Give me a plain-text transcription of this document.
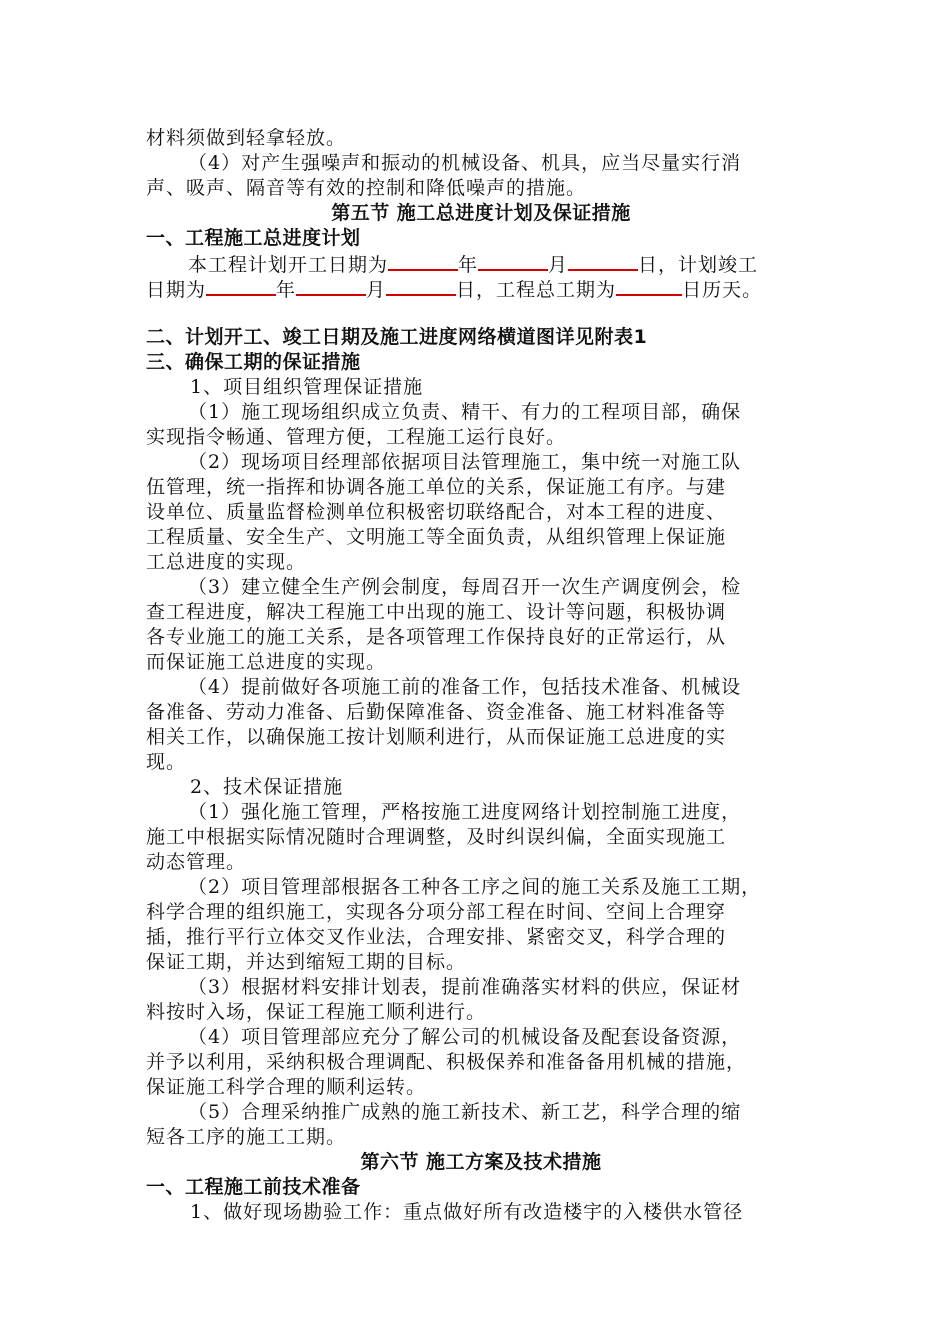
材料须做到轻拿轻放。
（4）对产生强噪声和振动的机械设备、机具，应当尽量实行消
声、吸声、隔音等有效的控制和降低噪声的措施。
第五节 施工总进度计划及保证措施
一、工程施工总进度计划
本工程计划开工日期为	年	月	日，计划竣工
日期为	年	月	日，工程总工期为	日历天。
二、计划开工、竣工日期及施工进度网络横道图详见附表1
三、确保工期的保证措施
1、项目组织管理保证措施
（1）施工现场组织成立负责、精干、有力的工程项目部，确保
实现指令畅通、管理方便，工程施工运行良好。
（2）现场项目经理部依据项目法管理施工，集中统一对施工队
伍管理，统一指挥和协调各施工单位的关系，保证施工有序。与建
设单位、质量监督检测单位积极密切联络配合，对本工程的进度、
工程质量、安全生产、文明施工等全面负责，从组织管理上保证施
工总进度的实现。
（3）建立健全生产例会制度，每周召开一次生产调度例会，检
查工程进度，解决工程施工中出现的施工、设计等问题，积极协调
各专业施工的施工关系，是各项管理工作保持良好的正常运行，从
而保证施工总进度的实现。
（4）提前做好各项施工前的准备工作，包括技术准备、机械设
备准备、劳动力准备、后勤保障准备、资金准备、施工材料准备等
相关工作，以确保施工按计划顺利进行，从而保证施工总进度的实
现。
2、技术保证措施
（1）强化施工管理，严格按施工进度网络计划控制施工进度，
施工中根据实际情况随时合理调整，及时纠误纠偏，全面实现施工
动态管理。
（2）项目管理部根据各工种各工序之间的施工关系及施工工期，
科学合理的组织施工，实现各分项分部工程在时间、空间上合理穿
插，推行平行立体交叉作业法，合理安排、紧密交叉，科学合理的
保证工期，并达到缩短工期的目标。
（3）根据材料安排计划表，提前准确落实材料的供应，保证材
料按时入场，保证工程施工顺利进行。
（4）项目管理部应充分了解公司的机械设备及配套设备资源，
并予以利用，采纳积极合理调配、积极保养和准备备用机械的措施，
保证施工科学合理的顺利运转。
（5）合理采纳推广成熟的施工新技术、新工艺，科学合理的缩
短各工序的施工工期。
第六节 施工方案及技术措施
一、工程施工前技术准备
1、做好现场勘验工作：重点做好所有改造楼宇的入楼供水管径
